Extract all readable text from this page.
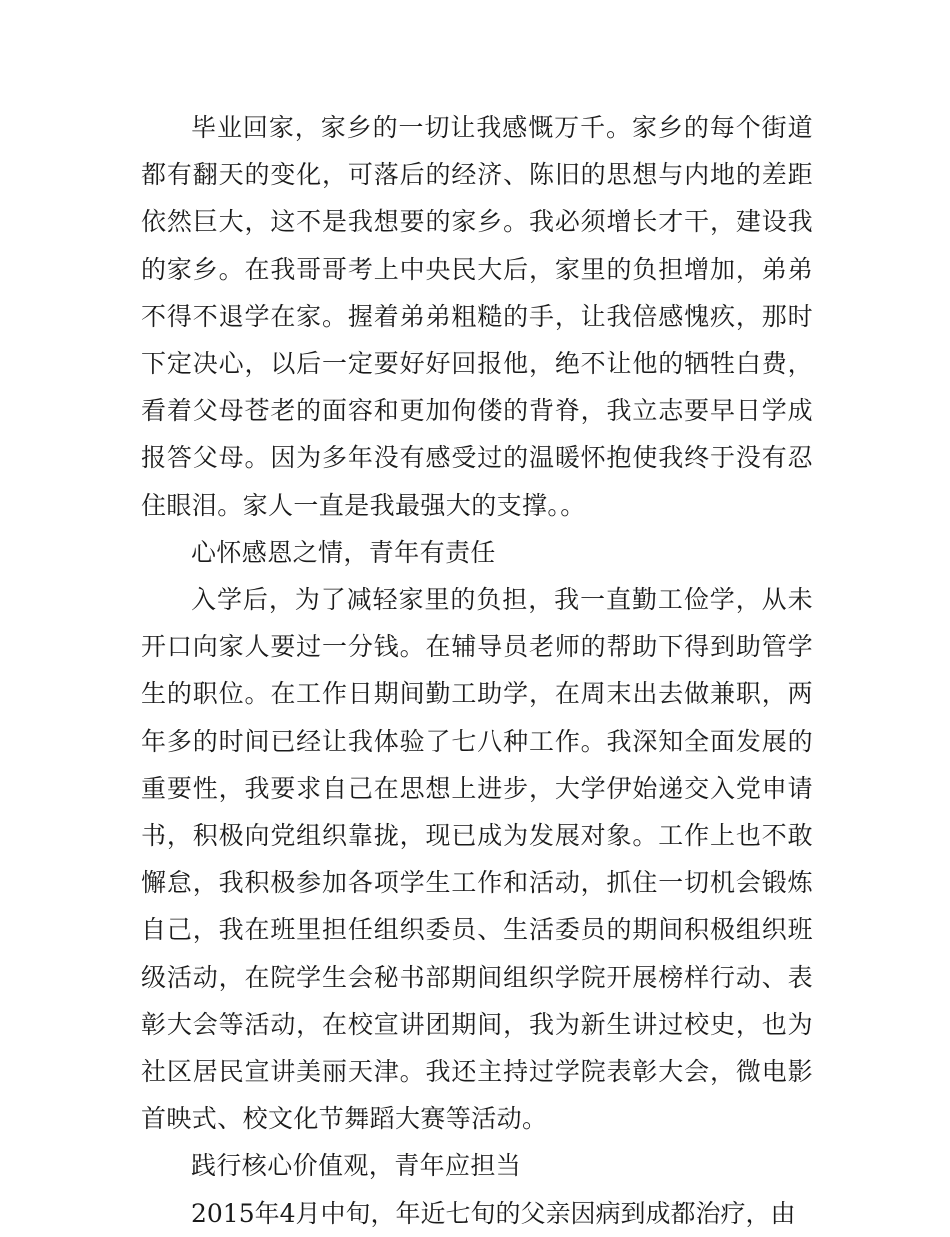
毕业回家，家乡的一切让我感慨万千。家乡的每个街道都有翻天的变化，可落后的经济、陈旧的思想与内地的差距依然巨大，这不是我想要的家乡。我必须增长才干，建设我的家乡。在我哥哥考上中央民大后，家里的负担增加，弟弟不得不退学在家。握着弟弟粗糙的手，让我倍感愧疚，那时下定决心，以后一定要好好回报他，绝不让他的牺牲白费，看着父母苍老的面容和更加佝偻的背脊，我立志要早日学成报答父母。因为多年没有感受过的温暖怀抱使我终于没有忍住眼泪。家人一直是我最强大的支撑。。

心怀感恩之情，青年有责任

入学后，为了减轻家里的负担，我一直勤工俭学，从未开口向家人要过一分钱。在辅导员老师的帮助下得到助管学生的职位。在工作日期间勤工助学，在周末出去做兼职，两年多的时间已经让我体验了七八种工作。我深知全面发展的重要性，我要求自己在思想上进步，大学伊始递交入党申请书，积极向党组织靠拢，现已成为发展对象。工作上也不敢懈怠，我积极参加各项学生工作和活动，抓住一切机会锻炼自己，我在班里担任组织委员、生活委员的期间积极组织班级活动，在院学生会秘书部期间组织学院开展榜样行动、表彰大会等活动，在校宣讲团期间，我为新生讲过校史，也为社区居民宣讲美丽天津。我还主持过学院表彰大会，微电影首映式、校文化节舞蹈大赛等活动。

践行核心价值观，青年应担当

2015年4月中旬，年近七旬的父亲因病到成都治疗，由
